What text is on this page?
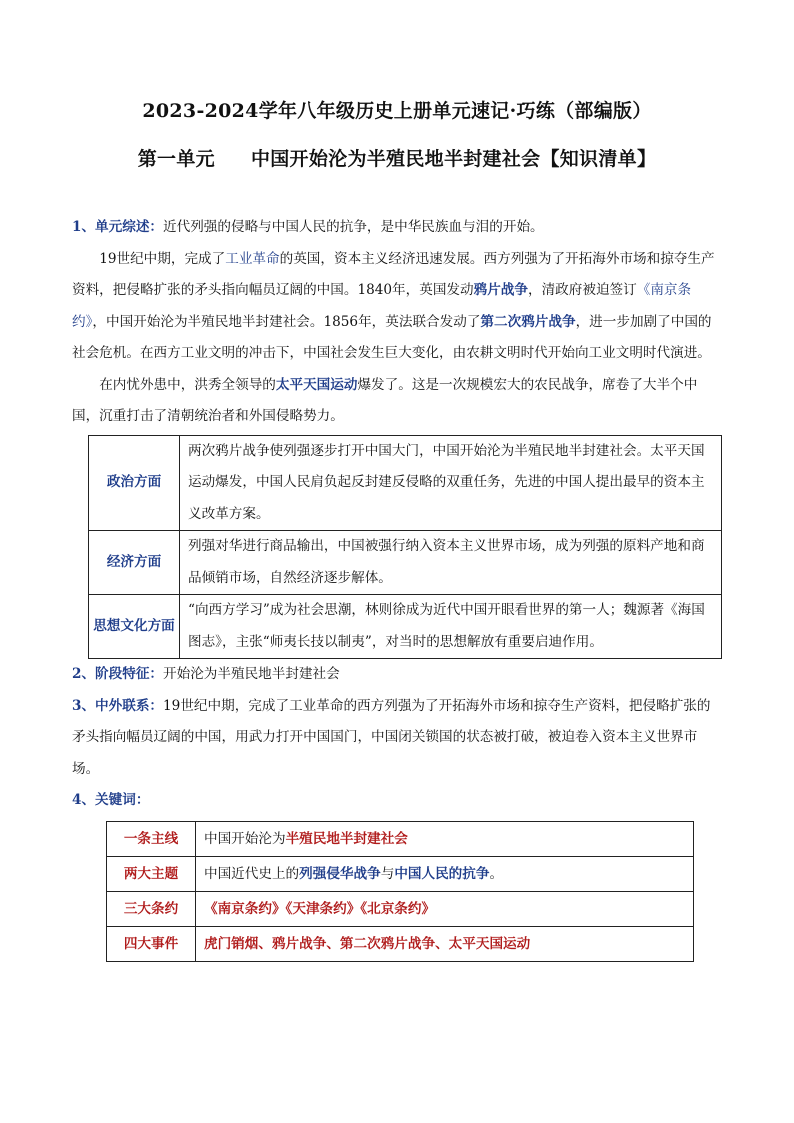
2023-2024学年八年级历史上册单元速记·巧练（部编版）
第一单元 中国开始沦为半殖民地半封建社会【知识清单】

1、单元综述：近代列强的侵略与中国人民的抗争，是中华民族血与泪的开始。

19世纪中期，完成了工业革命的英国，资本主义经济迅速发展。西方列强为了开拓海外市场和掠夺生产资料，把侵略扩张的矛头指向幅员辽阔的中国。1840年，英国发动鸦片战争，清政府被迫签订《南京条约》，中国开始沦为半殖民地半封建社会。1856年，英法联合发动了第二次鸦片战争，进一步加剧了中国的社会危机。在西方工业文明的冲击下，中国社会发生巨大变化，由农耕文明时代开始向工业文明时代演进。

在内忧外患中，洪秀全领导的太平天国运动爆发了。这是一次规模宏大的农民战争，席卷了大半个中国，沉重打击了清朝统治者和外国侵略势力。

政治方面	两次鸦片战争使列强逐步打开中国大门，中国开始沦为半殖民地半封建社会。太平天国运动爆发，中国人民肩负起反封建反侵略的双重任务，先进的中国人提出最早的资本主义改革方案。
经济方面	列强对华进行商品输出，中国被强行纳入资本主义世界市场，成为列强的原料产地和商品倾销市场，自然经济逐步解体。
思想文化方面	“向西方学习”成为社会思潮，林则徐成为近代中国开眼看世界的第一人；魏源著《海国图志》，主张“师夷长技以制夷”，对当时的思想解放有重要启迪作用。

2、阶段特征：开始沦为半殖民地半封建社会

3、中外联系：19世纪中期，完成了工业革命的西方列强为了开拓海外市场和掠夺生产资料，把侵略扩张的矛头指向幅员辽阔的中国，用武力打开中国国门，中国闭关锁国的状态被打破，被迫卷入资本主义世界市场。

4、关键词：

一条主线	中国开始沦为半殖民地半封建社会
两大主题	中国近代史上的列强侵华战争与中国人民的抗争。
三大条约	《南京条约》《天津条约》《北京条约》
四大事件	虎门销烟、鸦片战争、第二次鸦片战争、太平天国运动
